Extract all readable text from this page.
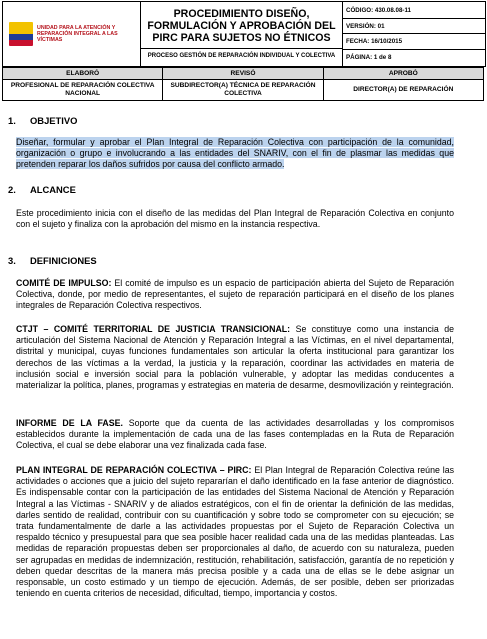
UNIDAD PARA LA ATENCIÓN Y REPARACIÓN INTEGRAL A LAS VÍCTIMAS

PROCEDIMIENTO DISEÑO, FORMULACIÓN Y APROBACIÓN DEL PIRC PARA SUJETOS NO ÉTNICOS
PROCESO GESTIÓN DE REPARACIÓN INDIVIDUAL Y COLECTIVA

CÓDIGO: 430.08.08-11
VERSIÓN: 01
FECHA: 16/10/2015
PÁGINA: 1 de 8

ELABORÓ	REVISÓ	APROBÓ
PROFESIONAL DE REPARACIÓN COLECTIVA NACIONAL	SUBDIRECTOR(A) TÉCNICA DE REPARACIÓN COLECTIVA	DIRECTOR(A) DE REPARACIÓN
1. OBJETIVO
Diseñar, formular y aprobar el Plan Integral de Reparación Colectiva con participación de la comunidad, organización o grupo e involucrando a las entidades del SNARIV, con el fin de plasmar las medidas que pretenden reparar los daños sufridos por causa del conflicto armado.
2. ALCANCE
Este procedimiento inicia con el diseño de las medidas del Plan Integral de Reparación Colectiva en conjunto con el sujeto y finaliza con la aprobación del mismo en la instancia respectiva.
3. DEFINICIONES
COMITÉ DE IMPULSO: El comité de impulso es un espacio de participación abierta del Sujeto de Reparación Colectiva, donde, por medio de representantes, el sujeto de reparación participará en el diseño de los planes integrales de Reparación Colectiva respectivos.
CTJT – COMITÉ TERRITORIAL DE JUSTICIA TRANSICIONAL: Se constituye como una instancia de articulación del Sistema Nacional de Atención y Reparación Integral a las Víctimas, en el nivel departamental, distrital y municipal, cuyas funciones fundamentales son articular la oferta institucional para garantizar los derechos de las víctimas a la verdad, la justicia y la reparación, coordinar las actividades en materia de inclusión social e inversión social para la población vulnerable, y adoptar las medidas conducentes a materializar la política, planes, programas y estrategias en materia de desarme, desmovilización y reintegración.
INFORME DE LA FASE. Soporte que da cuenta de las actividades desarrolladas y los compromisos establecidos durante la implementación de cada una de las fases contempladas en la Ruta de Reparación Colectiva, el cual se debe elaborar una vez finalizada cada fase.
PLAN INTEGRAL DE REPARACIÓN COLECTIVA – PIRC: El Plan Integral de Reparación Colectiva reúne las actividades o acciones que a juicio del sujeto repararían el daño identificado en la fase anterior de diagnóstico. Es indispensable contar con la participación de las entidades del Sistema Nacional de Atención y Reparación Integral a las Víctimas - SNARIV y de aliados estratégicos, con el fin de orientar la definición de las medidas, darles sentido de realidad, contribuir con su cuantificación y sobre todo se comprometer con su ejecución; se trata fundamentalmente de darle a las actividades propuestas por el Sujeto de Reparación Colectiva un respaldo técnico y presupuestal para que sea posible hacer realidad cada una de las medidas planteadas. Las medidas de reparación propuestas deben ser proporcionales al daño, de acuerdo con su naturaleza, pueden ser agrupadas en medidas de indemnización, restitución, rehabilitación, satisfacción, garantía de no repetición y deben quedar descritas de la manera más precisa posible y a cada una de ellas se le debe asignar un responsable, un costo estimado y un tiempo de ejecución. Además, de ser posible, deben ser priorizadas teniendo en cuenta criterios de necesidad, dificultad, tiempo, importancia y costos.
